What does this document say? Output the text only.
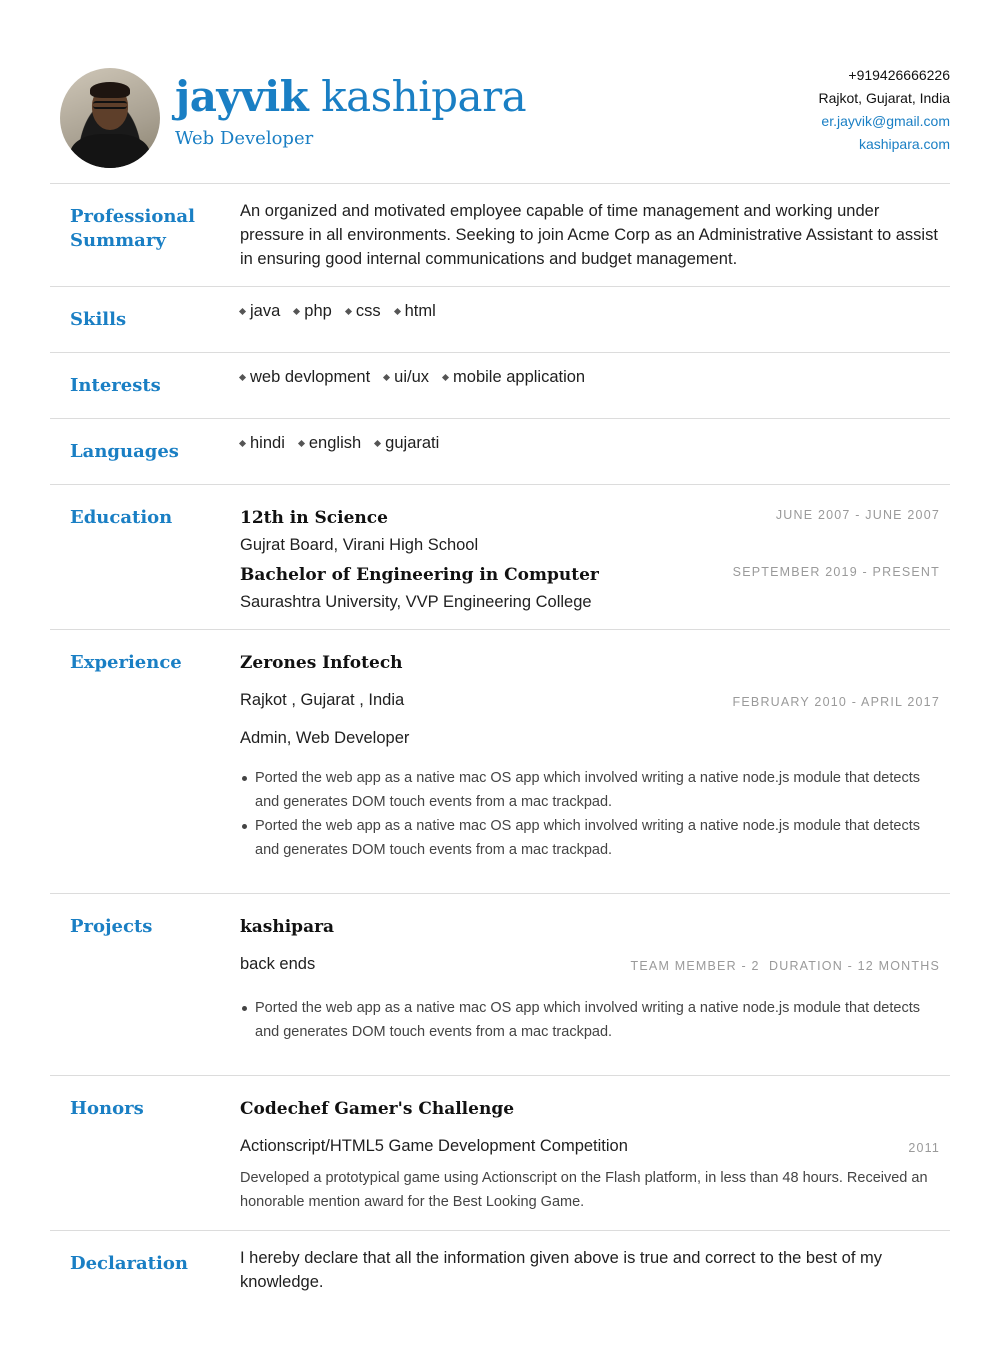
jayvik kashipara
Web Developer
+919426666226
Rajkot, Gujarat, India
er.jayvik@gmail.com
kashipara.com
Professional Summary
An organized and motivated employee capable of time management and working under pressure in all environments. Seeking to join Acme Corp as an Administrative Assistant to assist in ensuring good internal communications and budget management.
Skills	java php css html
Interests	web devlopment ui/ux mobile application
Languages	hindi english gujarati
Education	12th in Science	JUNE 2007 - JUNE 2007
Gujrat Board, Virani High School
Bachelor of Engineering in Computer	SEPTEMBER 2019 - PRESENT
Saurashtra University, VVP Engineering College
Experience	Zerones Infotech
Rajkot , Gujarat , India	FEBRUARY 2010 - APRIL 2017
Admin, Web Developer
Ported the web app as a native mac OS app which involved writing a native node.js module that detects and generates DOM touch events from a mac trackpad.
Ported the web app as a native mac OS app which involved writing a native node.js module that detects and generates DOM touch events from a mac trackpad.
Projects	kashipara
back ends	TEAM MEMBER - 2  DURATION - 12 MONTHS
Ported the web app as a native mac OS app which involved writing a native node.js module that detects and generates DOM touch events from a mac trackpad.
Honors	Codechef Gamer's Challenge
Actionscript/HTML5 Game Development Competition	2011
Developed a prototypical game using Actionscript on the Flash platform, in less than 48 hours. Received an honorable mention award for the Best Looking Game.
Declaration	I hereby declare that all the information given above is true and correct to the best of my knowledge.
